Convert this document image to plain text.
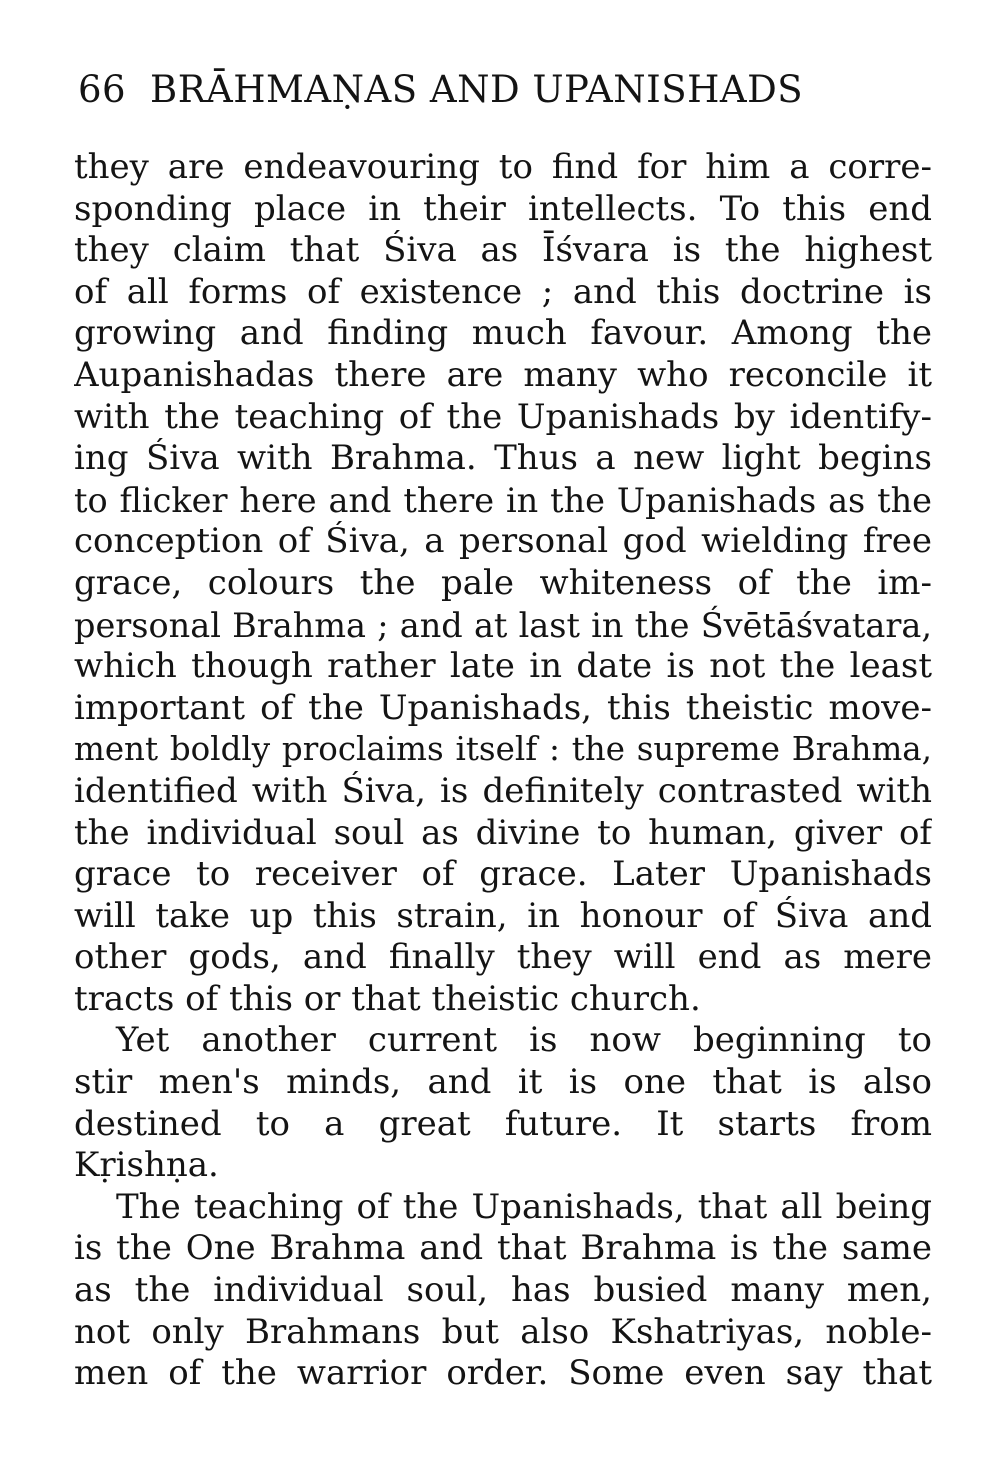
66 BRĀHMAṆAS AND UPANISHADS
they are endeavouring to find for him a corre-
sponding place in their intellects. To this end
they claim that Śiva as Īśvara is the highest
of all forms of existence ; and this doctrine is
growing and finding much favour. Among the
Aupanishadas there are many who reconcile it
with the teaching of the Upanishads by identify-
ing Śiva with Brahma. Thus a new light begins
to flicker here and there in the Upanishads as the
conception of Śiva, a personal god wielding free
grace, colours the pale whiteness of the im-
personal Brahma ; and at last in the Śvētāśvatara,
which though rather late in date is not the least
important of the Upanishads, this theistic move-
ment boldly proclaims itself : the supreme Brahma,
identified with Śiva, is definitely contrasted with
the individual soul as divine to human, giver of
grace to receiver of grace. Later Upanishads
will take up this strain, in honour of Śiva and
other gods, and finally they will end as mere
tracts of this or that theistic church.
Yet another current is now beginning to
stir men's minds, and it is one that is also
destined to a great future. It starts from
Kṛishṇa.
The teaching of the Upanishads, that all being
is the One Brahma and that Brahma is the same
as the individual soul, has busied many men,
not only Brahmans but also Kshatriyas, noble-
men of the warrior order. Some even say that
